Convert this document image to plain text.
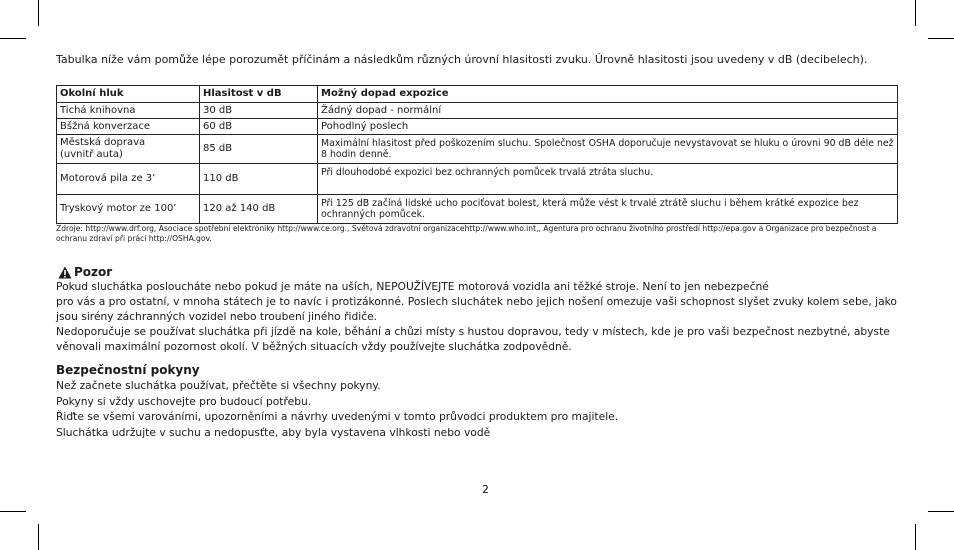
Tabulka níže vám pomůže lépe porozumět příčinám a následkům různých úrovní hlasitosti zvuku. Úrovně hlasitosti jsou uvedeny v dB (decibelech).
Okolní hluk	Hlasitost v dB	Možný dopad expozice
Tichá knihovna	30 dB	Žádný dopad - normální
Bšžná konverzace	60 dB	Pohodlný poslech

Městská doprava
(uvnitř auta)	85 dB	Maximální hlasitost před poškozením sluchu. Společnost OSHA doporučuje nevystavovat se hluku o úrovni 90 dB déle než 8 hodin denně.
Motorová pila ze 3’	110 dB	Při dlouhodobé expozici bez ochranných pomůcek trvalá ztráta sluchu.
Tryskový motor ze 100’	120 až 140 dB	Při 125 dB začíná lidské ucho pociťovat bolest, která může vést k trvalé ztrátě sluchu i během krátké expozice bez ochranných pomůcek.
Zdroje: http://www.drf.org, Asociace spotřební elektroniky http://www.ce.org., Světová zdravotní organizacehttp://www.who.int,, Agentura pro ochranu životního prostředí http://epa.gov a Organizace pro bezpečnost a ochranu zdraví při práci http://OSHA.gov.
Pozor

Pokud sluchátka posloucháte nebo pokud je máte na uších, NEPOUŽÍVEJTE motorová vozidla ani těžké stroje. Není to jen nebezpečné

pro vás a pro ostatní, v mnoha státech je to navíc i protizákonné. Poslech sluchátek nebo jejich nošení omezuje vaši schopnost slyšet zvuky kolem sebe, jako jsou sirény záchranných vozidel nebo troubení jiného řidiče.

Nedoporučuje se používat sluchátka při jízdě na kole, běhání a chůzi místy s hustou dopravou, tedy v místech, kde je pro vaši bezpečnost nezbytné, abyste věnovali maximální pozornost okolí. V běžných situacích vždy používejte sluchátka zodpovědně.

Bezpečnostní pokyny

Než začnete sluchátka používat, přečtěte si všechny pokyny.

Pokyny si vždy uschovejte pro budoucí potřebu.

Řiďte se všemi varováními, upozorněními a návrhy uvedenými v tomto průvodci produktem pro majitele.

Sluchátka udržujte v suchu a nedopusťte, aby byla vystavena vlhkosti nebo vodě

2
